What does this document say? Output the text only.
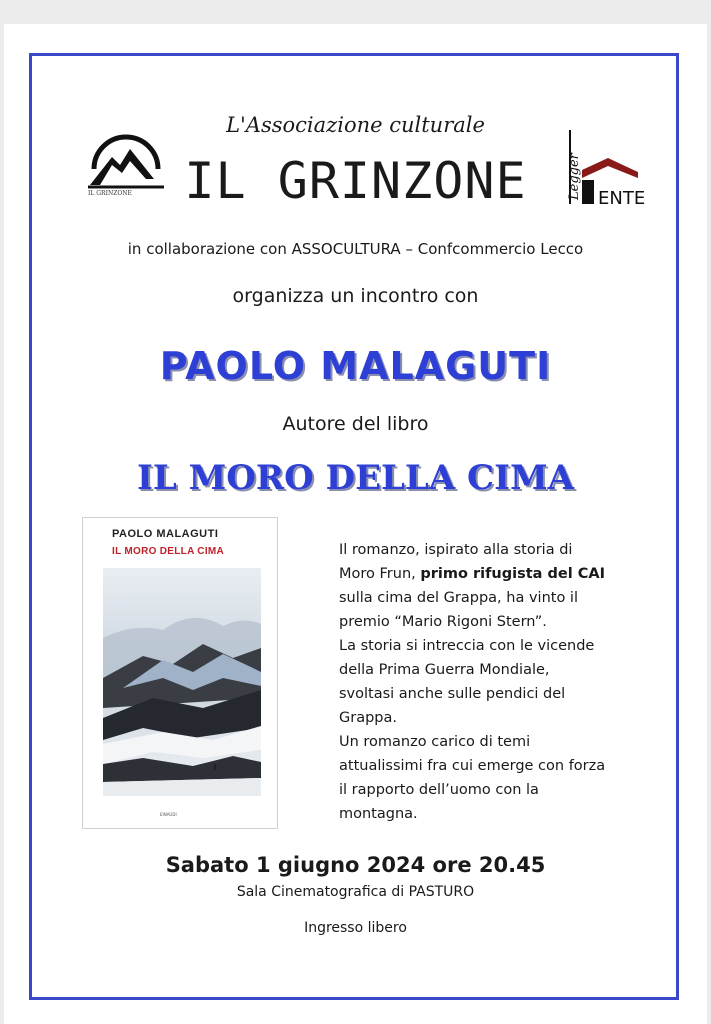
IL GRINZONE	Legger ENTE
L'Associazione culturale
IL GRINZONE
in collaborazione con ASSOCULTURA – Confcommercio Lecco
organizza un incontro con
PAOLO MALAGUTI
Autore del libro
IL MORO DELLA CIMA
PAOLO MALAGUTI
IL MORO DELLA CIMA
EINAUDI
Il romanzo, ispirato alla storia di Moro Frun, primo rifugista del CAI sulla cima del Grappa, ha vinto il premio “Mario Rigoni Stern”.
La storia si intreccia con le vicende della Prima Guerra Mondiale, svoltasi anche sulle pendici del Grappa.
Un romanzo carico di temi attualissimi fra cui emerge con forza il rapporto dell’uomo con la montagna.
Sabato 1 giugno 2024 ore 20.45
Sala Cinematografica di PASTURO
Ingresso libero
